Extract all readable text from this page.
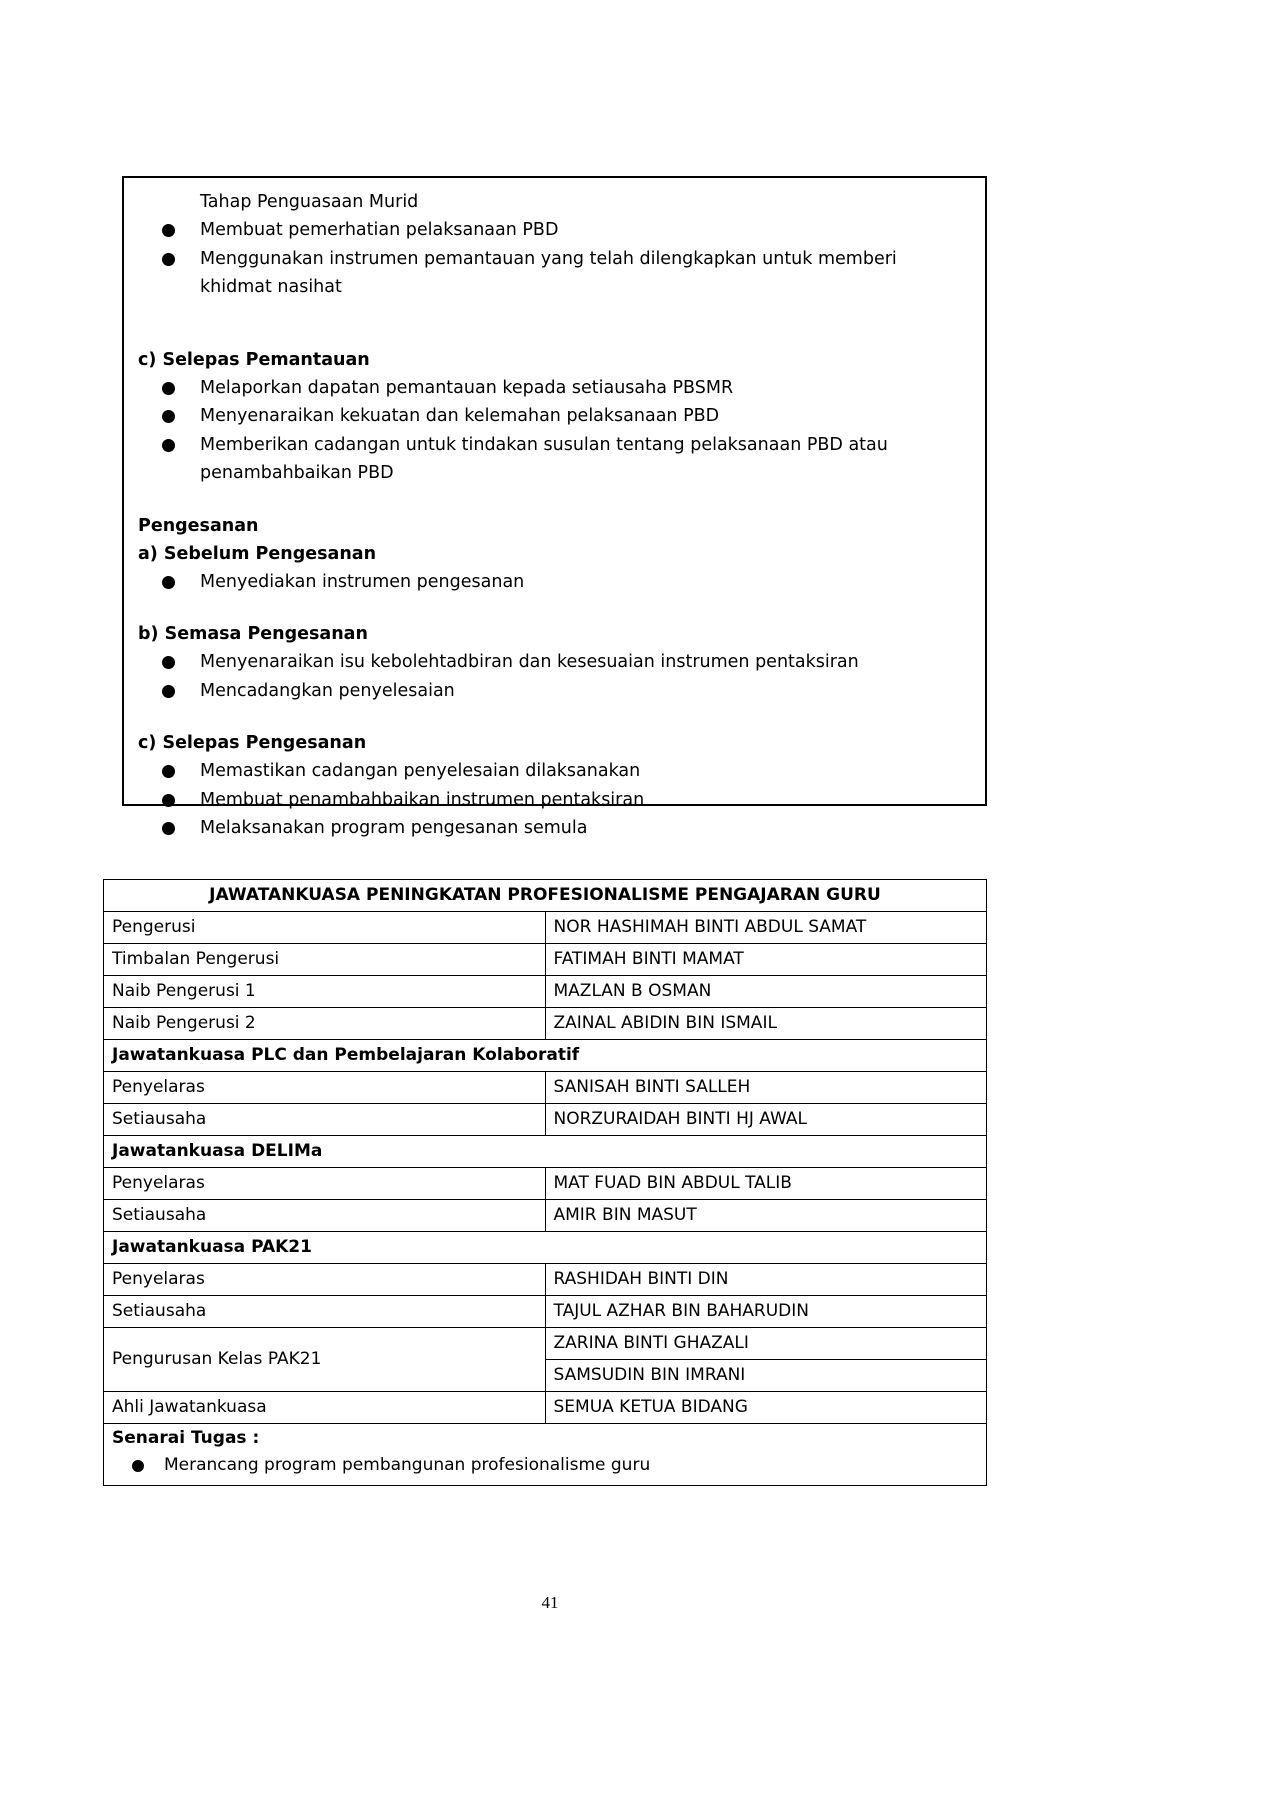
Tahap Penguasaan Murid
Membuat pemerhatian pelaksanaan PBD
Menggunakan instrumen pemantauan yang telah dilengkapkan untuk memberi khidmat nasihat
c) Selepas Pemantauan
Melaporkan dapatan pemantauan kepada setiausaha PBSMR
Menyenaraikan kekuatan dan kelemahan pelaksanaan PBD
Memberikan cadangan untuk tindakan susulan tentang pelaksanaan PBD atau penambahbaikan PBD
Pengesanan
a) Sebelum Pengesanan
Menyediakan instrumen pengesanan
b) Semasa Pengesanan
Menyenaraikan isu kebolehtadbiran dan kesesuaian instrumen pentaksiran
Mencadangkan penyelesaian
c) Selepas Pengesanan
Memastikan cadangan penyelesaian dilaksanakan
Membuat penambahbaikan instrumen pentaksiran
Melaksanakan program pengesanan semula
JAWATANKUASA PENINGKATAN PROFESIONALISME PENGAJARAN GURU	
Pengerusi	NOR HASHIMAH BINTI ABDUL SAMAT
Timbalan Pengerusi	FATIMAH BINTI MAMAT
Naib Pengerusi 1	MAZLAN B OSMAN
Naib Pengerusi 2	ZAINAL ABIDIN BIN ISMAIL
Jawatankuasa PLC dan Pembelajaran Kolaboratif	
Penyelaras	SANISAH BINTI SALLEH
Setiausaha	NORZURAIDAH BINTI HJ AWAL
Jawatankuasa DELIMa	
Penyelaras	MAT FUAD BIN ABDUL TALIB
Setiausaha	AMIR BIN MASUT
Jawatankuasa PAK21	
Penyelaras	RASHIDAH BINTI DIN
Setiausaha	TAJUL AZHAR BIN BAHARUDIN
Pengurusan Kelas PAK21	ZARINA BINTI GHAZALI
	SAMSUDIN BIN IMRANI
Ahli Jawatankuasa	SEMUA KETUA BIDANG
Senarai Tugas :
Merancang program pembangunan profesionalisme guru
41
